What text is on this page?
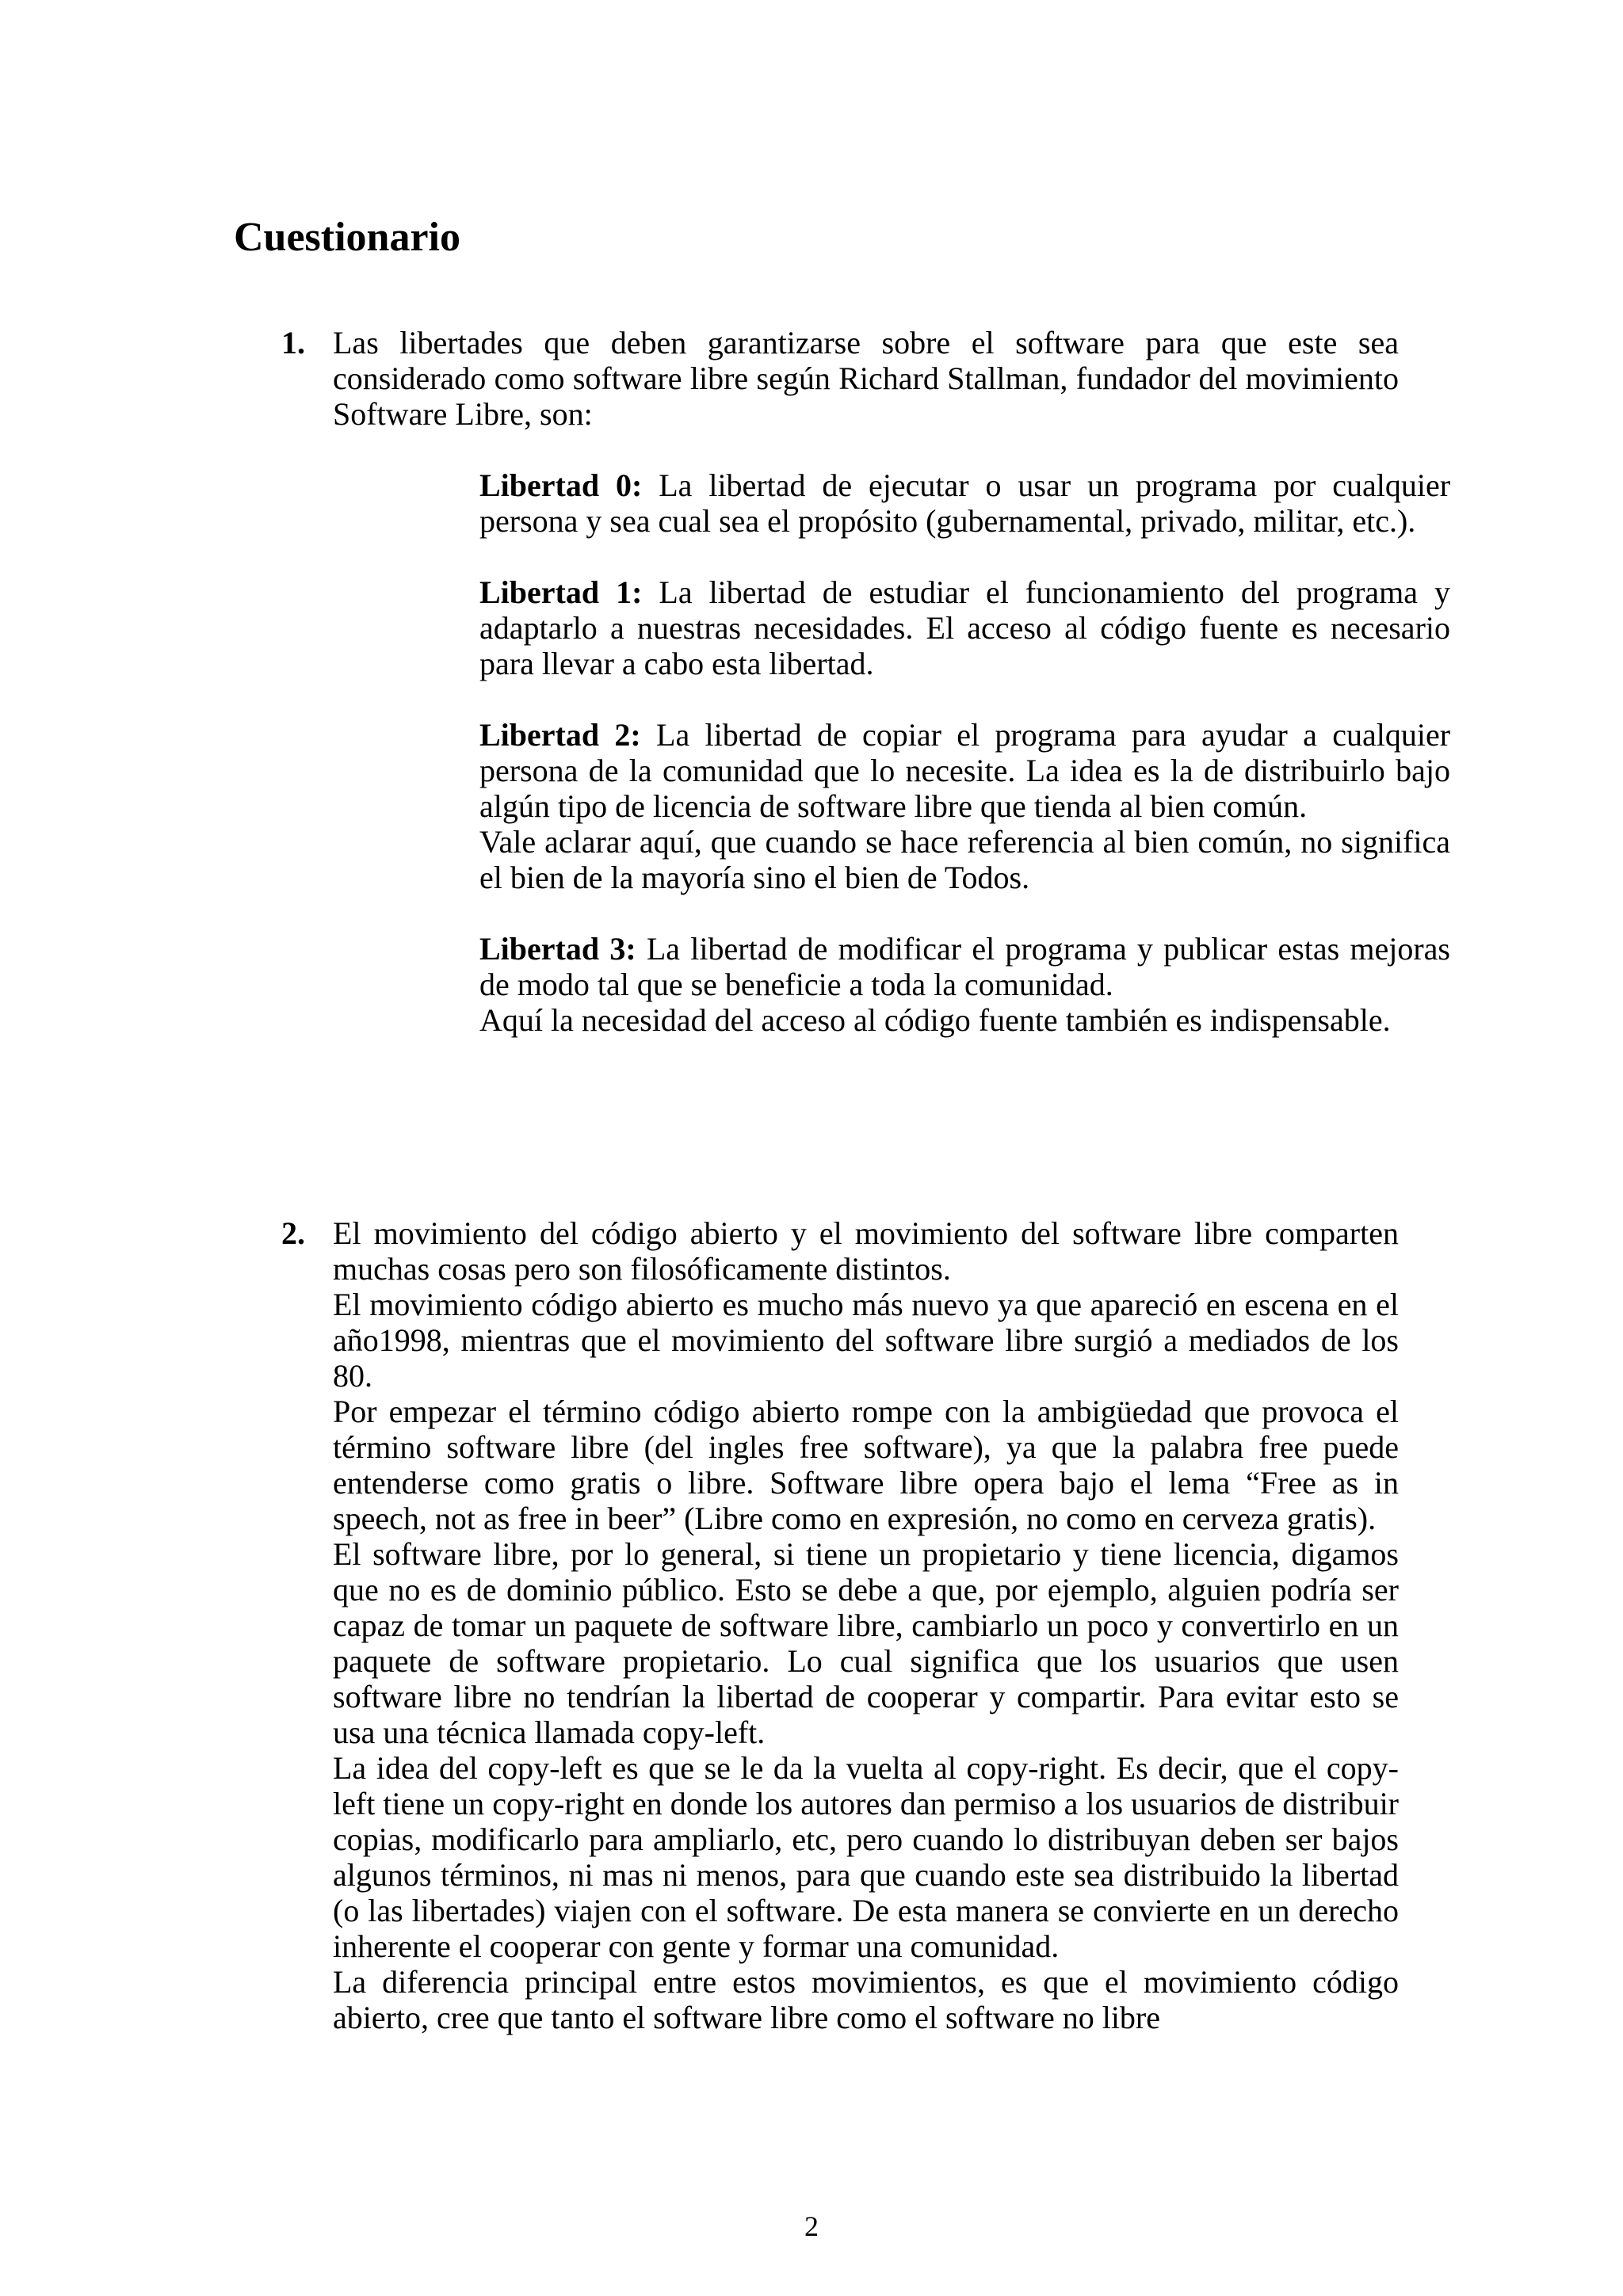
Cuestionario
1. Las libertades que deben garantizarse sobre el software para que este sea considerado como software libre según Richard Stallman, fundador del movimiento Software Libre, son:

Libertad 0: La libertad de ejecutar o usar un programa por cualquier persona y sea cual sea el propósito (gubernamental, privado, militar, etc.).

Libertad 1: La libertad de estudiar el funcionamiento del programa y adaptarlo a nuestras necesidades. El acceso al código fuente es necesario para llevar a cabo esta libertad.

Libertad 2: La libertad de copiar el programa para ayudar a cualquier persona de la comunidad que lo necesite. La idea es la de distribuirlo bajo algún tipo de licencia de software libre que tienda al bien común.

Vale aclarar aquí, que cuando se hace referencia al bien común, no significa el bien de la mayoría sino el bien de Todos.

Libertad 3: La libertad de modificar el programa y publicar estas mejoras de modo tal que se beneficie a toda la comunidad.

Aquí la necesidad del acceso al código fuente también es indispensable.

2. El movimiento del código abierto y el movimiento del software libre comparten muchas cosas pero son filosóficamente distintos.

El movimiento código abierto es mucho más nuevo ya que apareció en escena en el año1998, mientras que el movimiento del software libre surgió a mediados de los 80.

Por empezar el término código abierto rompe con la ambigüedad que provoca el término software libre (del ingles free software), ya que la palabra free puede entenderse como gratis o libre. Software libre opera bajo el lema “Free as in speech, not as free in beer” (Libre como en expresión, no como en cerveza gratis).

El software libre, por lo general, si tiene un propietario y tiene licencia, digamos que no es de dominio público. Esto se debe a que, por ejemplo, alguien podría ser capaz de tomar un paquete de software libre, cambiarlo un poco y convertirlo en un paquete de software propietario. Lo cual significa que los usuarios que usen software libre no tendrían la libertad de cooperar y compartir. Para evitar esto se usa una técnica llamada copy-left.

La idea del copy-left es que se le da la vuelta al copy-right. Es decir, que el copy-left tiene un copy-right en donde los autores dan permiso a los usuarios de distribuir copias, modificarlo para ampliarlo, etc, pero cuando lo distribuyan deben ser bajos algunos términos, ni mas ni menos, para que cuando este sea distribuido la libertad (o las libertades) viajen con el software. De esta manera se convierte en un derecho inherente el cooperar con gente y formar una comunidad.

La diferencia principal entre estos movimientos, es que el movimiento código abierto, cree que tanto el software libre como el software no libre

2
